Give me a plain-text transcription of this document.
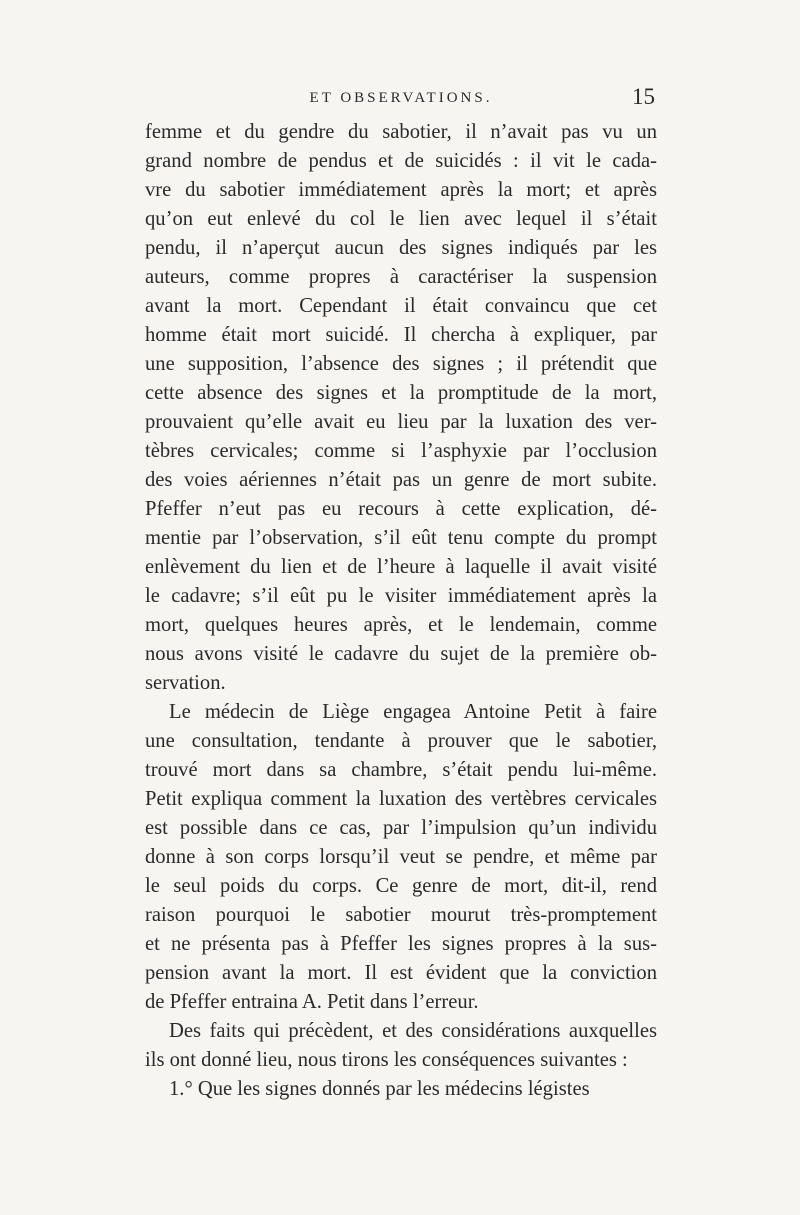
ET OBSERVATIONS.	15
femme et du gendre du sabotier, il n’avait pas vu un
grand nombre de pendus et de suicidés : il vit le cada-
vre du sabotier immédiatement après la mort; et après
qu’on eut enlevé du col le lien avec lequel il s’était
pendu, il n’aperçut aucun des signes indiqués par les
auteurs, comme propres à caractériser la suspension
avant la mort. Cependant il était convaincu que cet
homme était mort suicidé. Il chercha à expliquer, par
une supposition, l’absence des signes ; il prétendit que
cette absence des signes et la promptitude de la mort,
prouvaient qu’elle avait eu lieu par la luxation des ver-
tèbres cervicales; comme si l’asphyxie par l’occlusion
des voies aériennes n’était pas un genre de mort subite.
Pfeffer n’eut pas eu recours à cette explication, dé-
mentie par l’observation, s’il eût tenu compte du prompt
enlèvement du lien et de l’heure à laquelle il avait visité
le cadavre; s’il eût pu le visiter immédiatement après la
mort, quelques heures après, et le lendemain, comme
nous avons visité le cadavre du sujet de la première ob-
servation.
Le médecin de Liège engagea Antoine Petit à faire
une consultation, tendante à prouver que le sabotier,
trouvé mort dans sa chambre, s’était pendu lui-même.
Petit expliqua comment la luxation des vertèbres cervicales
est possible dans ce cas, par l’impulsion qu’un individu
donne à son corps lorsqu’il veut se pendre, et même par
le seul poids du corps. Ce genre de mort, dit-il, rend
raison pourquoi le sabotier mourut très-promptement
et ne présenta pas à Pfeffer les signes propres à la sus-
pension avant la mort. Il est évident que la conviction
de Pfeffer entraina A. Petit dans l’erreur.
Des faits qui précèdent, et des considérations auxquelles
ils ont donné lieu, nous tirons les conséquences suivantes :
1.° Que les signes donnés par les médecins légistes
